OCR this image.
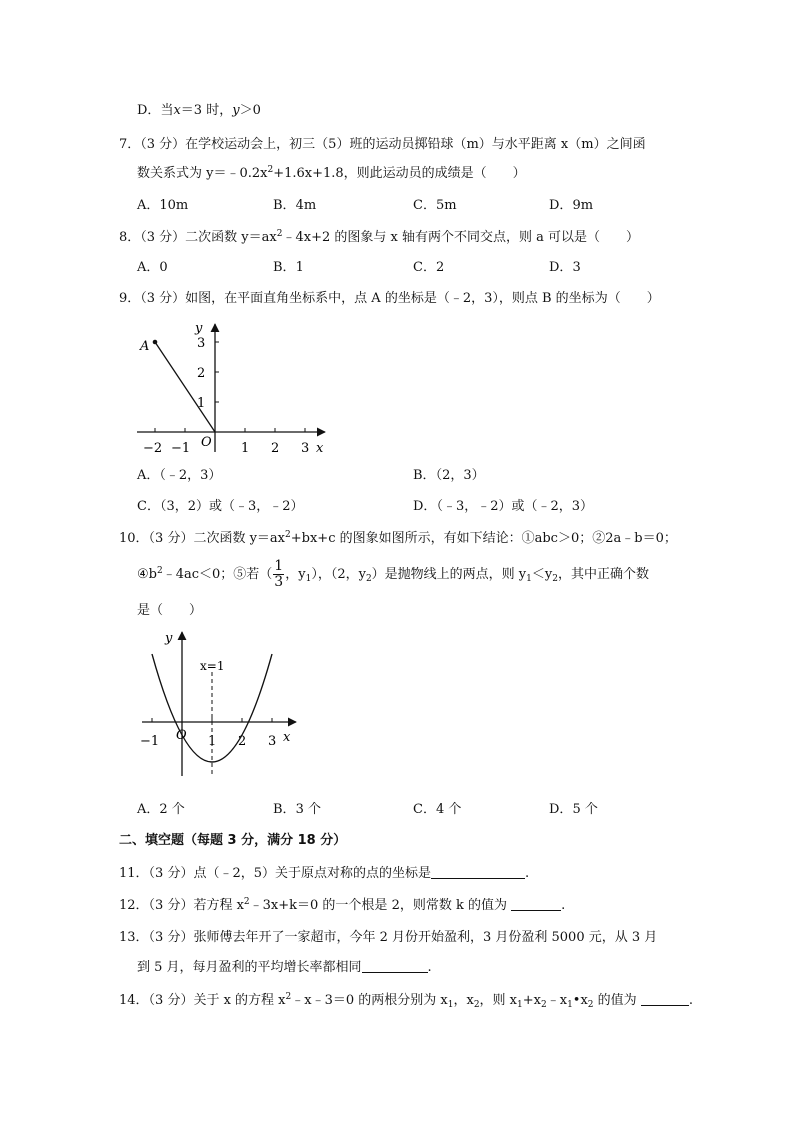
D．当x＝3 时，y＞0
7．（3 分）在学校运动会上，初三（5）班的运动员掷铅球（m）与水平距离 x（m）之间函
数关系式为 $y=﹣0.2x^2+1.6x+1.8$，则此运动员的成绩是（　　）
A．10m	B．4m	C．5m	D．9m
8．（3 分）二次函数 $y=ax^2﹣4x+2$ 的图象与 x 轴有两个不同交点，则 a 可以是（　　）
A．0	B．1	C．2	D．3
9．（3 分）如图，在平面直角坐标系中，点 A 的坐标是（﹣2，3），则点 B 的坐标为（　　）
A
y
x
O
−2 −1	1 2 3
1
2
3
A．（﹣2，3）	B．（2，3）
C．（3，2）或（﹣3，﹣2）	D．（﹣3，﹣2）或（﹣2，3）
10．（3 分）二次函数 $y=ax^2+bx+c$ 的图象如图所示，有如下结论：①abc＞0；②2a﹣b＝0；
$④b^2﹣4ac<0$；⑤若（ $\frac{1}{3}$ ，$y_1$），（2，$y_2$）是抛物线上的两点，则 $y_1<y_2$，其中正确个数
是（　　）
y
x
x=1
O
−1	1 2 3
A．2 个	B．3 个	C．4 个	D．5 个
二、填空题（每题 3 分，满分 18 分）
11．（3 分）点（﹣2，5）关于原点对称的点的坐标是	.
12．（3 分）若方程 $x^2﹣3x+k=0$ 的一个根是 2，则常数 k 的值为	.
13．（3 分）张师傅去年开了一家超市，今年 2 月份开始盈利，3 月份盈利 5000 元，从 3 月
到 5 月，每月盈利的平均增长率都相同	.
14．（3 分）关于 x 的方程 $x^2﹣x﹣3=0$ 的两根分别为 $x_1$，$x_2$，则 $x_1+x_2﹣x_1•x_2$ 的值为	.
